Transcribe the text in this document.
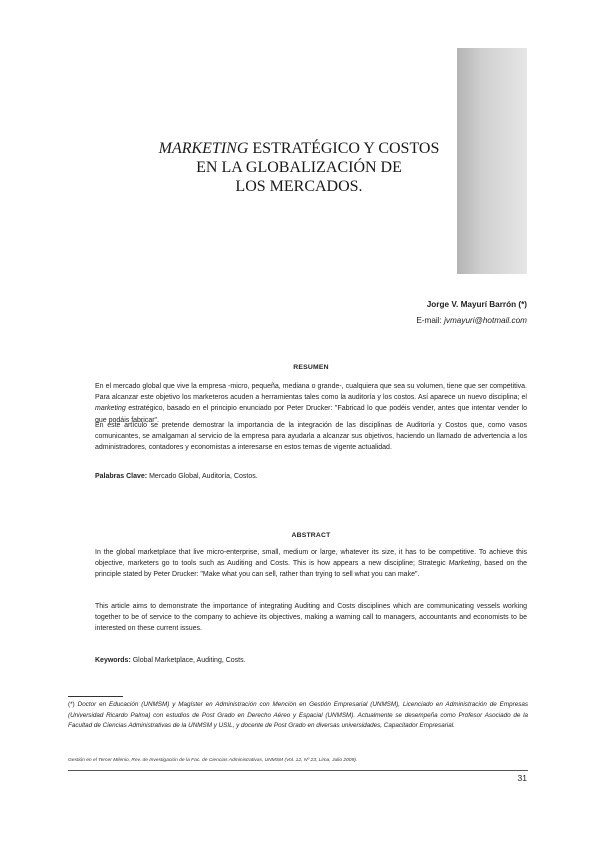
MARKETING ESTRATÉGICO Y COSTOS
EN LA GLOBALIZACIÓN DE
LOS MERCADOS.
Jorge V. Mayurí Barrón (*)
E-mail: jvmayuri@hotmail.com
RESUMEN

En el mercado global que vive la empresa -micro, pequeña, mediana o grande-, cualquiera que sea su volumen, tiene que ser competitiva. Para alcanzar este objetivo los marketeros acuden a herramientas tales como la auditoría y los costos. Así aparece un nuevo disciplina; el marketing estratégico, basado en el principio enunciado por Peter Drucker: "Fabricad lo que podéis vender, antes que intentar vender lo que podáis fabricar".

En este artículo se pretende demostrar la importancia de la integración de las disciplinas de Auditoría y Costos que, como vasos comunicantes, se amalgaman al servicio de la empresa para ayudarla a alcanzar sus objetivos, haciendo un llamado de advertencia a los administradores, contadores y economistas a interesarse en estos temas de vigente actualidad.

Palabras Clave: Mercado Global, Auditoría, Costos.

ABSTRACT

In the global marketplace that live micro-enterprise, small, medium or large, whatever its size, it has to be competitive. To achieve this objective, marketers go to tools such as Auditing and Costs. This is how appears a new discipline; Strategic Marketing, based on the principle stated by Peter Drucker: "Make what you can sell, rather than trying to sell what you can make".

This article aims to demonstrate the importance of integrating Auditing and Costs disciplines which are communicating vessels working together to be of service to the company to achieve its objectives, making a warning call to managers, accountants and economists to be interested on these current issues.

Keywords: Global Marketplace, Auditing, Costs.

(*) Doctor en Educación (UNMSM) y Magíster en Administración con Mención en Gestión Empresarial (UNMSM), Licenciado en Administración de Empresas (Universidad Ricardo Palma) con estudios de Post Grado en Derecho Aéreo y Espacial (UNMSM). Actualmente se desempeña como Profesor Asociado de la Facultad de Ciencias Administrativas de la UNMSM y USIL, y docente de Post Grado en diversas universidades, Capacitador Empresarial.
Gestión en el Tercer Milenio, Rev. de Investigación de la Fac. de Ciencias Administrativas, UNMSM (Vol. 12, Nº 23, Lima, Julio 2009).
31
